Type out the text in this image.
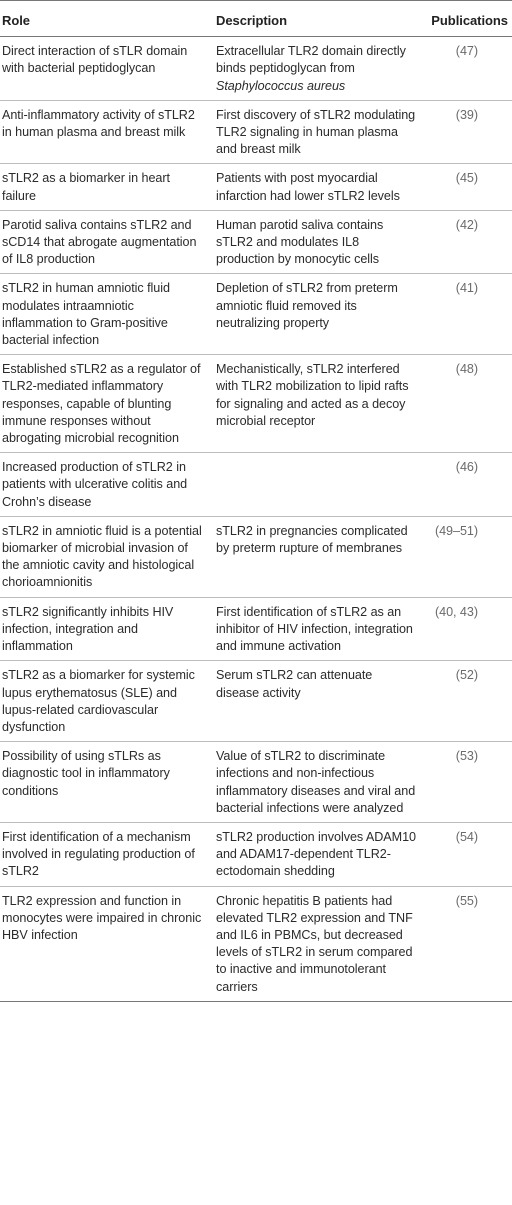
Role	Description	Publications
Direct interaction of sTLR domain with bacterial peptidoglycan	Extracellular TLR2 domain directly binds peptidoglycan from Staphylococcus aureus	(47)
Anti-inflammatory activity of sTLR2 in human plasma and breast milk	First discovery of sTLR2 modulating TLR2 signaling in human plasma and breast milk	(39)
sTLR2 as a biomarker in heart failure	Patients with post myocardial infarction had lower sTLR2 levels	(45)
Parotid saliva contains sTLR2 and sCD14 that abrogate augmentation of IL8 production	Human parotid saliva contains sTLR2 and modulates IL8 production by monocytic cells	(42)
sTLR2 in human amniotic fluid modulates intraamniotic inflammation to Gram-positive bacterial infection	Depletion of sTLR2 from preterm amniotic fluid removed its neutralizing property	(41)
Established sTLR2 as a regulator of TLR2-mediated inflammatory responses, capable of blunting immune responses without abrogating microbial recognition	Mechanistically, sTLR2 interfered with TLR2 mobilization to lipid rafts for signaling and acted as a decoy microbial receptor	(48)
Increased production of sTLR2 in patients with ulcerative colitis and Crohn’s disease		(46)
sTLR2 in amniotic fluid is a potential biomarker of microbial invasion of the amniotic cavity and histological chorioamnionitis	sTLR2 in pregnancies complicated by preterm rupture of membranes	(49–51)
sTLR2 significantly inhibits HIV infection, integration and inflammation	First identification of sTLR2 as an inhibitor of HIV infection, integration and immune activation	(40, 43)
sTLR2 as a biomarker for systemic lupus erythematosus (SLE) and lupus-related cardiovascular dysfunction	Serum sTLR2 can attenuate disease activity	(52)
Possibility of using sTLRs as diagnostic tool in inflammatory conditions	Value of sTLR2 to discriminate infections and non-infectious inflammatory diseases and viral and bacterial infections were analyzed	(53)
First identification of a mechanism involved in regulating production of sTLR2	sTLR2 production involves ADAM10 and ADAM17-dependent TLR2-ectodomain shedding	(54)
TLR2 expression and function in monocytes were impaired in chronic HBV infection	Chronic hepatitis B patients had elevated TLR2 expression and TNF and IL6 in PBMCs, but decreased levels of sTLR2 in serum compared to inactive and immunotolerant carriers	(55)
